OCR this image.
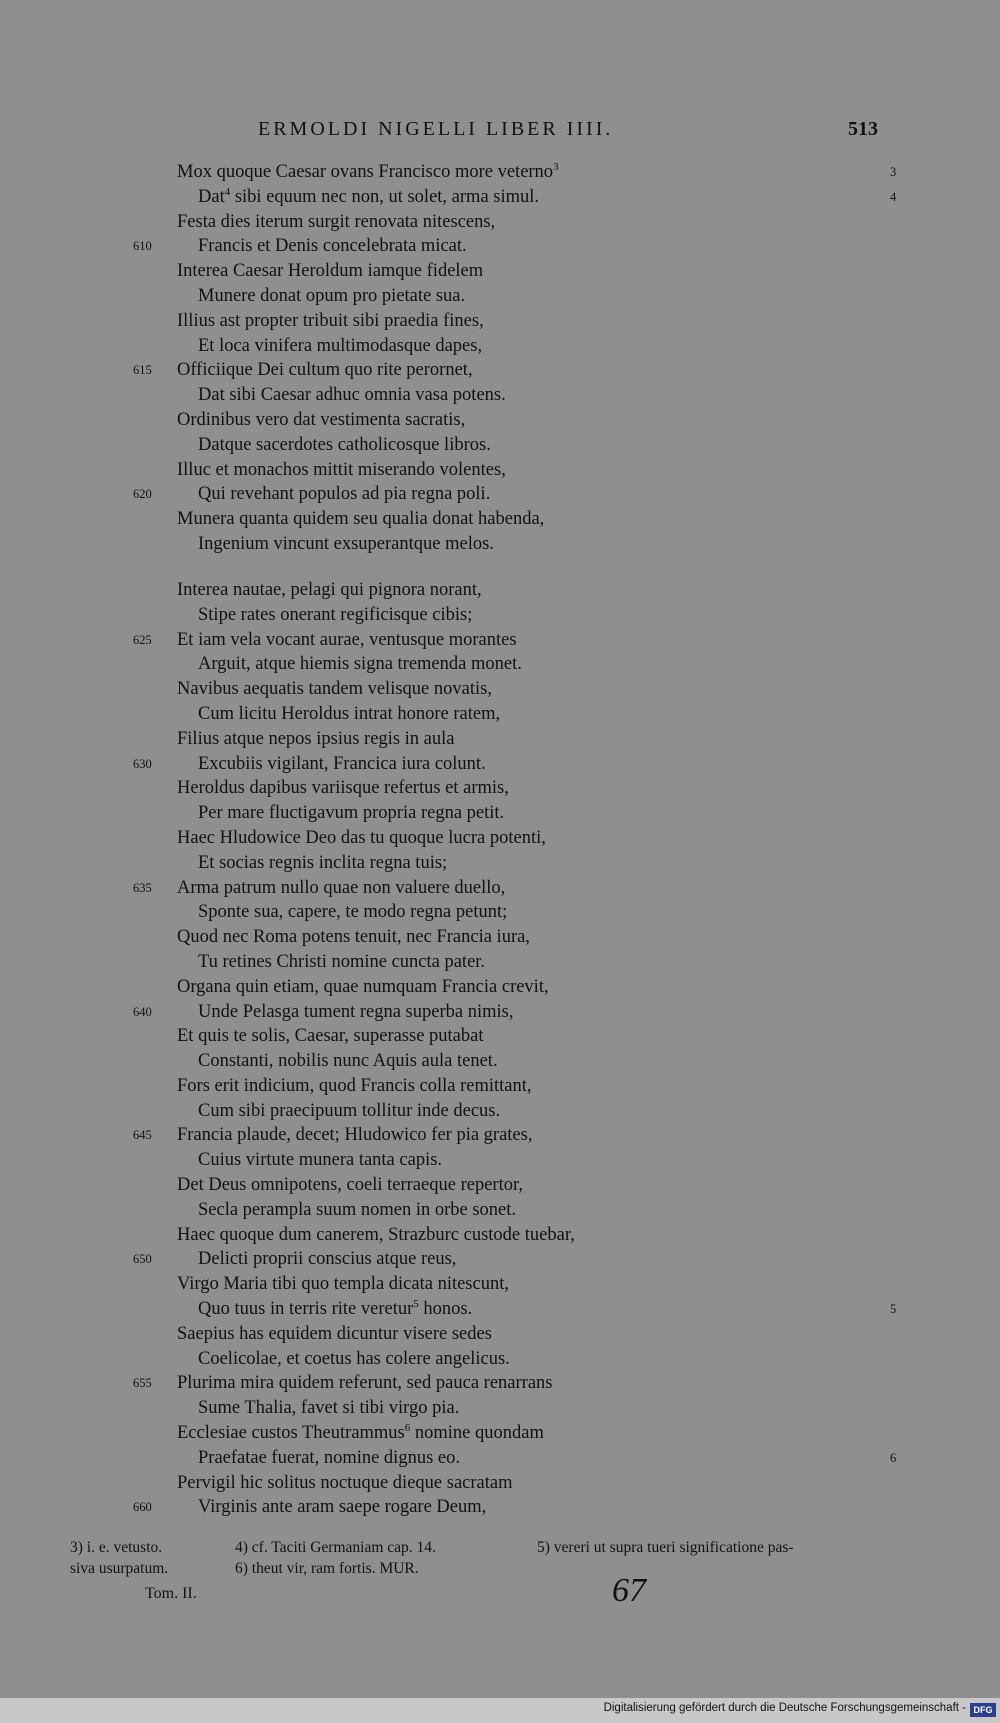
ERMOLDI NIGELLI LIBER IIII.	513
Mox quoque Caesar ovans Francisco more veterno$^3$	3
Dat$^4$ sibi equum nec non, ut solet, arma simul.	4
Festa dies iterum surgit renovata nitescens,
610	Francis et Denis concelebrata micat.
Interea Caesar Heroldum iamque fidelem
Munere donat opum pro pietate sua.
Illius ast propter tribuit sibi praedia fines,
Et loca vinifera multimodasque dapes,
615 Officiique Dei cultum quo rite perornet,
Dat sibi Caesar adhuc omnia vasa potens.
Ordinibus vero dat vestimenta sacratis,
Datque sacerdotes catholicosque libros.
Illuc et monachos mittit miserando volentes,
620	Qui revehant populos ad pia regna poli.
Munera quanta quidem seu qualia donat habenda,
Ingenium vincunt exsuperantque melos.
Interea nautae, pelagi qui pignora norant,
Stipe rates onerant regificisque cibis;
625 Et iam vela vocant aurae, ventusque morantes
Arguit, atque hiemis signa tremenda monet.
Navibus aequatis tandem velisque novatis,
Cum licitu Heroldus intrat honore ratem,
Filius atque nepos ipsius regis in aula
630	Excubiis vigilant, Francica iura colunt.
Heroldus dapibus variisque refertus et armis,
Per mare fluctigavum propria regna petit.
Haec Hludowice Deo das tu quoque lucra potenti,
Et socias regnis inclita regna tuis;
635 Arma patrum nullo quae non valuere duello,
Sponte sua, capere, te modo regna petunt;
Quod nec Roma potens tenuit, nec Francia iura,
Tu retines Christi nomine cuncta pater.
Organa quin etiam, quae numquam Francia crevit,
640	Unde Pelasga tument regna superba nimis,
Et quis te solis, Caesar, superasse putabat
Constanti, nobilis nunc Aquis aula tenet.
Fors erit indicium, quod Francis colla remittant,
Cum sibi praecipuum tollitur inde decus.
645 Francia plaude, decet; Hludowico fer pia grates,
Cuius virtute munera tanta capis.
Det Deus omnipotens, coeli terraeque repertor,
Secla perampla suum nomen in orbe sonet.
Haec quoque dum canerem, Strazburc custode tuebar,
650	Delicti proprii conscius atque reus,
Virgo Maria tibi quo templa dicata nitescunt,
Quo tuus in terris rite veretur$^5$ honos.	5
Saepius has equidem dicuntur visere sedes
Coelicolae, et coetus has colere angelicus.
655 Plurima mira quidem referunt, sed pauca renarrans
Sume Thalia, favet si tibi virgo pia.
Ecclesiae custos Theutrammus$^6$ nomine quondam
Praefatae fuerat, nomine dignus eo.	6
Pervigil hic solitus noctuque dieque sacratam
660	Virginis ante aram saepe rogare Deum,
3) i. e. vetusto.	4) cf. Taciti Germaniam cap. 14.	5) vereri ut supra tueri significatione pas-
siva usurpatum.	6) theut vir, ram fortis. MUR.
Tom. II.	67
Digitalisierung gefördert durch die Deutsche Forschungsgemeinschaft - DFG
